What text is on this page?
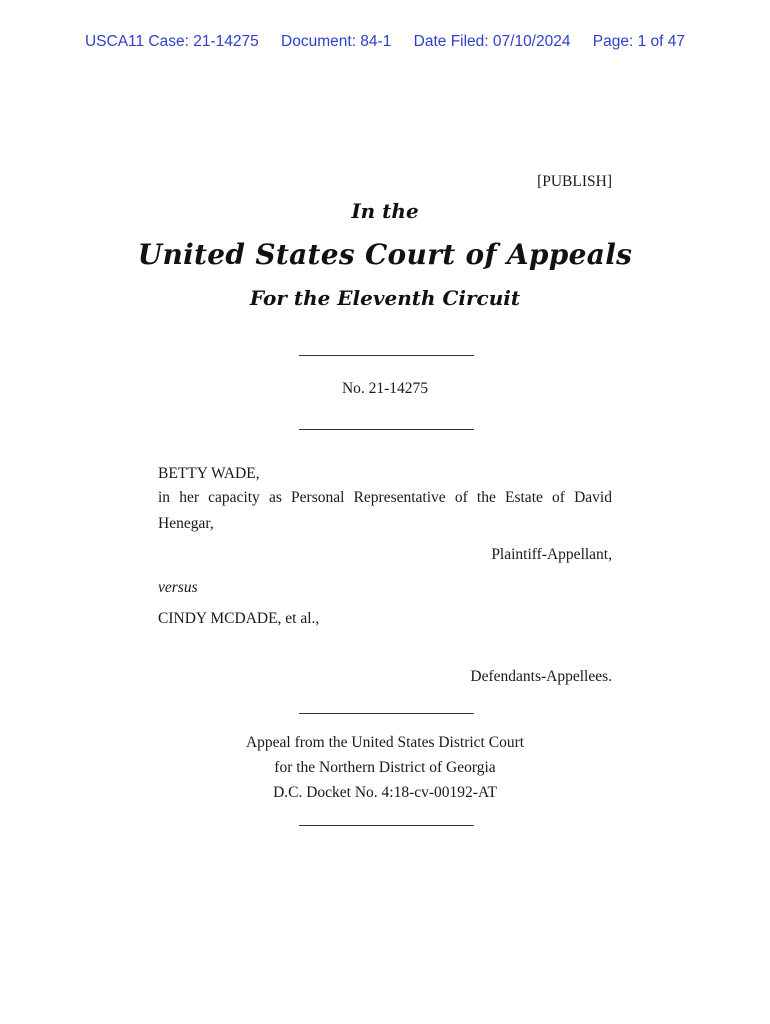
USCA11 Case: 21-14275 Document: 84-1 Date Filed: 07/10/2024 Page: 1 of 47
[PUBLISH]
In the
United States Court of Appeals
For the Eleventh Circuit
No. 21-14275
BETTY WADE,
in her capacity as Personal Representative of the Estate of David
Henegar,
Plaintiff-Appellant,
versus
CINDY MCDADE, et al.,
Defendants-Appellees.
Appeal from the United States District Court
for the Northern District of Georgia
D.C. Docket No. 4:18-cv-00192-AT
